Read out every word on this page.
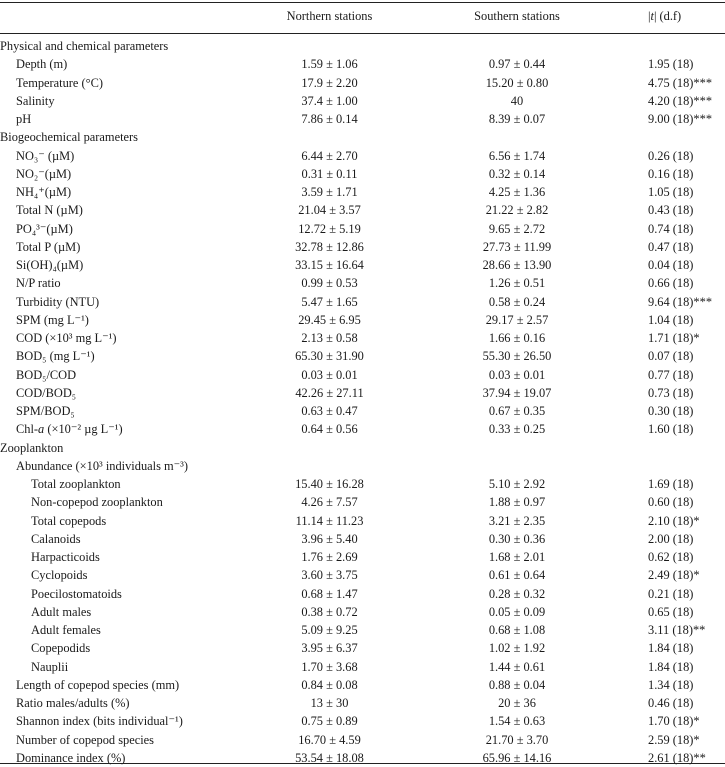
Northern stations	Southern stations	|t| (d.f)
Physical and chemical parameters
Depth (m)	1.59 ± 1.06	0.97 ± 0.44	1.95 (18)
Temperature (°C)	17.9 ± 2.20	15.20 ± 0.80	4.75 (18)***
Salinity	37.4 ± 1.00	40	4.20 (18)***
pH	7.86 ± 0.14	8.39 ± 0.07	9.00 (18)***
Biogeochemical parameters
NO₃⁻ (µM)	6.44 ± 2.70	6.56 ± 1.74	0.26 (18)
NO₂⁻(µM)	0.31 ± 0.11	0.32 ± 0.14	0.16 (18)
NH₄⁺(µM)	3.59 ± 1.71	4.25 ± 1.36	1.05 (18)
Total N (µM)	21.04 ± 3.57	21.22 ± 2.82	0.43 (18)
PO₄³⁻(µM)	12.72 ± 5.19	9.65 ± 2.72	0.74 (18)
Total P (µM)	32.78 ± 12.86	27.73 ± 11.99	0.47 (18)
Si(OH)₄(µM)	33.15 ± 16.64	28.66 ± 13.90	0.04 (18)
N/P ratio	0.99 ± 0.53	1.26 ± 0.51	0.66 (18)
Turbidity (NTU)	5.47 ± 1.65	0.58 ± 0.24	9.64 (18)***
SPM (mg L⁻¹)	29.45 ± 6.95	29.17 ± 2.57	1.04 (18)
COD (×10³ mg L⁻¹)	2.13 ± 0.58	1.66 ± 0.16	1.71 (18)*
BOD₅ (mg L⁻¹)	65.30 ± 31.90	55.30 ± 26.50	0.07 (18)
BOD₅/COD	0.03 ± 0.01	0.03 ± 0.01	0.77 (18)
COD/BOD₅	42.26 ± 27.11	37.94 ± 19.07	0.73 (18)
SPM/BOD₅	0.63 ± 0.47	0.67 ± 0.35	0.30 (18)
Chl-a (×10⁻² µg L⁻¹)	0.64 ± 0.56	0.33 ± 0.25	1.60 (18)
Zooplankton
Abundance (×10³ individuals m⁻³)
Total zooplankton	15.40 ± 16.28	5.10 ± 2.92	1.69 (18)
Non-copepod zooplankton	4.26 ± 7.57	1.88 ± 0.97	0.60 (18)
Total copepods	11.14 ± 11.23	3.21 ± 2.35	2.10 (18)*
Calanoids	3.96 ± 5.40	0.30 ± 0.36	2.00 (18)
Harpacticoids	1.76 ± 2.69	1.68 ± 2.01	0.62 (18)
Cyclopoids	3.60 ± 3.75	0.61 ± 0.64	2.49 (18)*
Poecilostomatoids	0.68 ± 1.47	0.28 ± 0.32	0.21 (18)
Adult males	0.38 ± 0.72	0.05 ± 0.09	0.65 (18)
Adult females	5.09 ± 9.25	0.68 ± 1.08	3.11 (18)**
Copepodids	3.95 ± 6.37	1.02 ± 1.92	1.84 (18)
Nauplii	1.70 ± 3.68	1.44 ± 0.61	1.84 (18)
Length of copepod species (mm)	0.84 ± 0.08	0.88 ± 0.04	1.34 (18)
Ratio males/adults (%)	13 ± 30	20 ± 36	0.46 (18)
Shannon index (bits individual⁻¹)	0.75 ± 0.89	1.54 ± 0.63	1.70 (18)*
Number of copepod species	16.70 ± 4.59	21.70 ± 3.70	2.59 (18)*
Dominance index (%)	53.54 ± 18.08	65.96 ± 14.16	2.61 (18)**
